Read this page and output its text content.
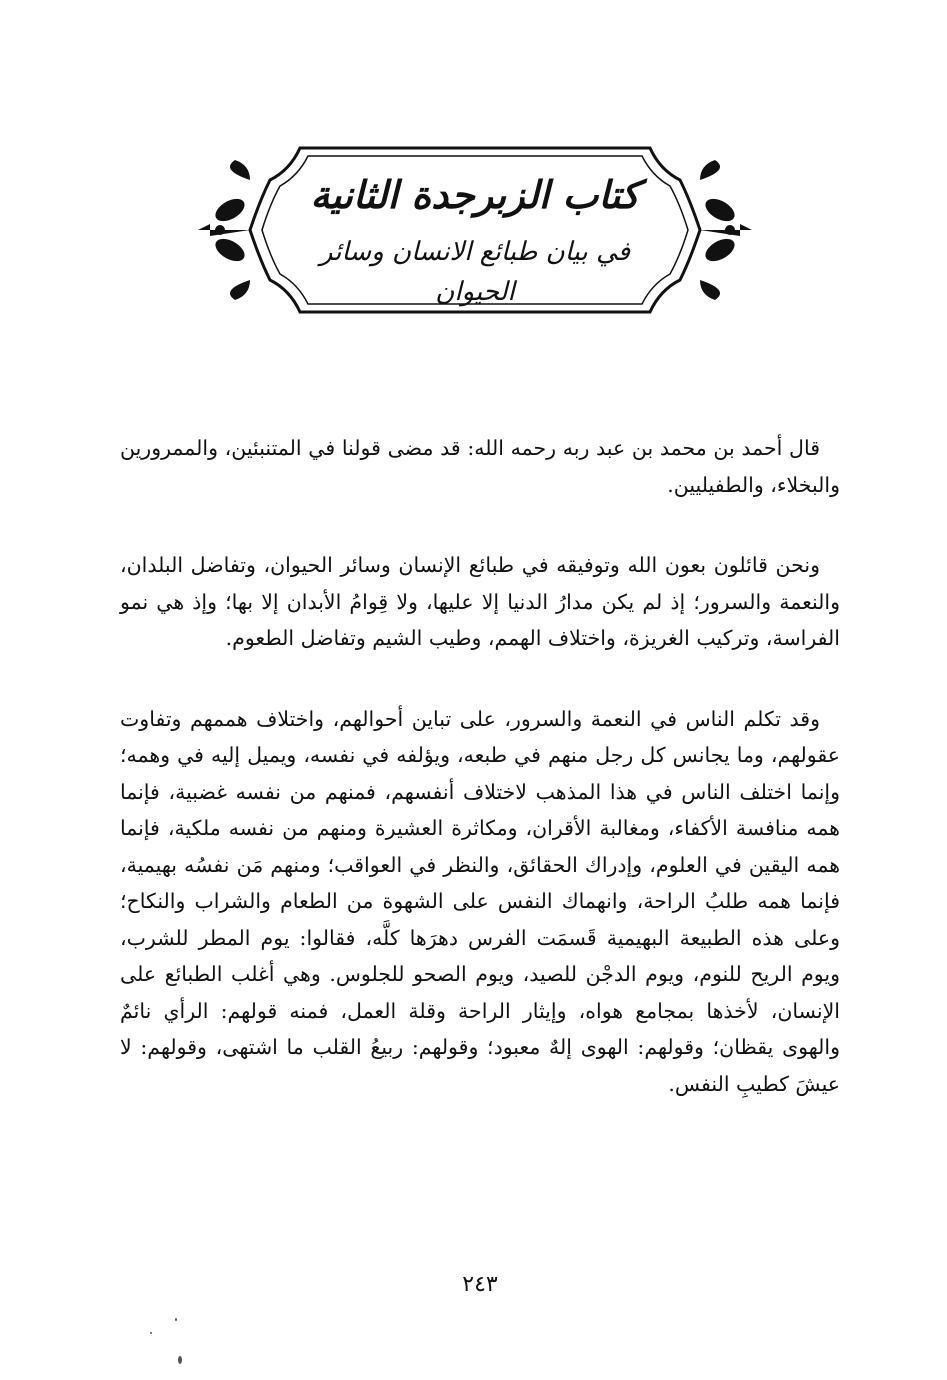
كتاب الزبرجدة الثانية
في بيان طبائع الانسان وسائر الحيوان

قال أحمد بن محمد بن عبد ربه رحمه الله: قد مضى قولنا في المتنبئين، والممرورين والبخلاء، والطفيليين.

ونحن قائلون بعون الله وتوفيقه في طبائع الإنسان وسائر الحيوان، وتفاضل البلدان، والنعمة والسرور؛ إذ لم يكن مدارُ الدنيا إلا عليها، ولا قِوامُ الأبدان إلا بها؛ وإذ هي نمو الفراسة، وتركيب الغريزة، واختلاف الهمم، وطيب الشيم وتفاضل الطعوم.

وقد تكلم الناس في النعمة والسرور، على تباين أحوالهم، واختلاف هممهم وتفاوت عقولهم، وما يجانس كل رجل منهم في طبعه، ويؤلفه في نفسه، ويميل إليه في وهمه؛ وإنما اختلف الناس في هذا المذهب لاختلاف أنفسهم، فمنهم من نفسه غضبية، فإنما همه منافسة الأكفاء، ومغالبة الأقران، ومكاثرة العشيرة ومنهم من نفسه ملكية، فإنما همه اليقين في العلوم، وإدراك الحقائق، والنظر في العواقب؛ ومنهم مَن نفسُه بهيمية، فإنما همه طلبُ الراحة، وانهماك النفس على الشهوة من الطعام والشراب والنكاح؛ وعلى هذه الطبيعة البهيمية قَسمَت الفرس دهرَها كلَّه، فقالوا: يوم المطر للشرب، ويوم الريح للنوم، ويوم الدجْن للصيد، ويوم الصحو للجلوس. وهي أغلب الطبائع على الإنسان، لأخذها بمجامع هواه، وإيثار الراحة وقلة العمل، فمنه قولهم: الرأي نائمٌ والهوى يقظان؛ وقولهم: الهوى إلهٌ معبود؛ وقولهم: ربيعُ القلب ما اشتهى، وقولهم: لا عيشَ كطيبِ النفس.

٢٤٣
